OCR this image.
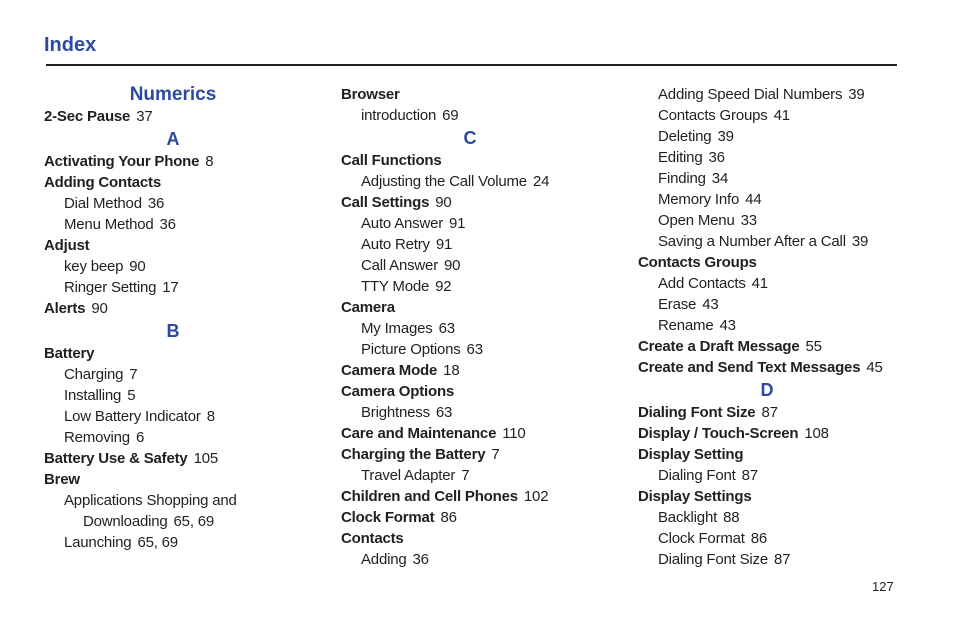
Index
Numerics
2-Sec Pause 37
A
Activating Your Phone 8
Adding Contacts
Dial Method 36
Menu Method 36
Adjust
key beep 90
Ringer Setting 17
Alerts 90
B
Battery
Charging 7
Installing 5
Low Battery Indicator 8
Removing 6
Battery Use & Safety 105
Brew
Applications Shopping and
Downloading 65, 69
Launching 65, 69
Browser
introduction 69
C
Call Functions
Adjusting the Call Volume 24
Call Settings 90
Auto Answer 91
Auto Retry 91
Call Answer 90
TTY Mode 92
Camera
My Images 63
Picture Options 63
Camera Mode 18
Camera Options
Brightness 63
Care and Maintenance 110
Charging the Battery 7
Travel Adapter 7
Children and Cell Phones 102
Clock Format 86
Contacts
Adding 36
Adding Speed Dial Numbers 39
Contacts Groups 41
Deleting 39
Editing 36
Finding 34
Memory Info 44
Open Menu 33
Saving a Number After a Call 39
Contacts Groups
Add Contacts 41
Erase 43
Rename 43
Create a Draft Message 55
Create and Send Text Messages 45
D
Dialing Font Size 87
Display / Touch-Screen 108
Display Setting
Dialing Font 87
Display Settings
Backlight 88
Clock Format 86
Dialing Font Size 87
127
